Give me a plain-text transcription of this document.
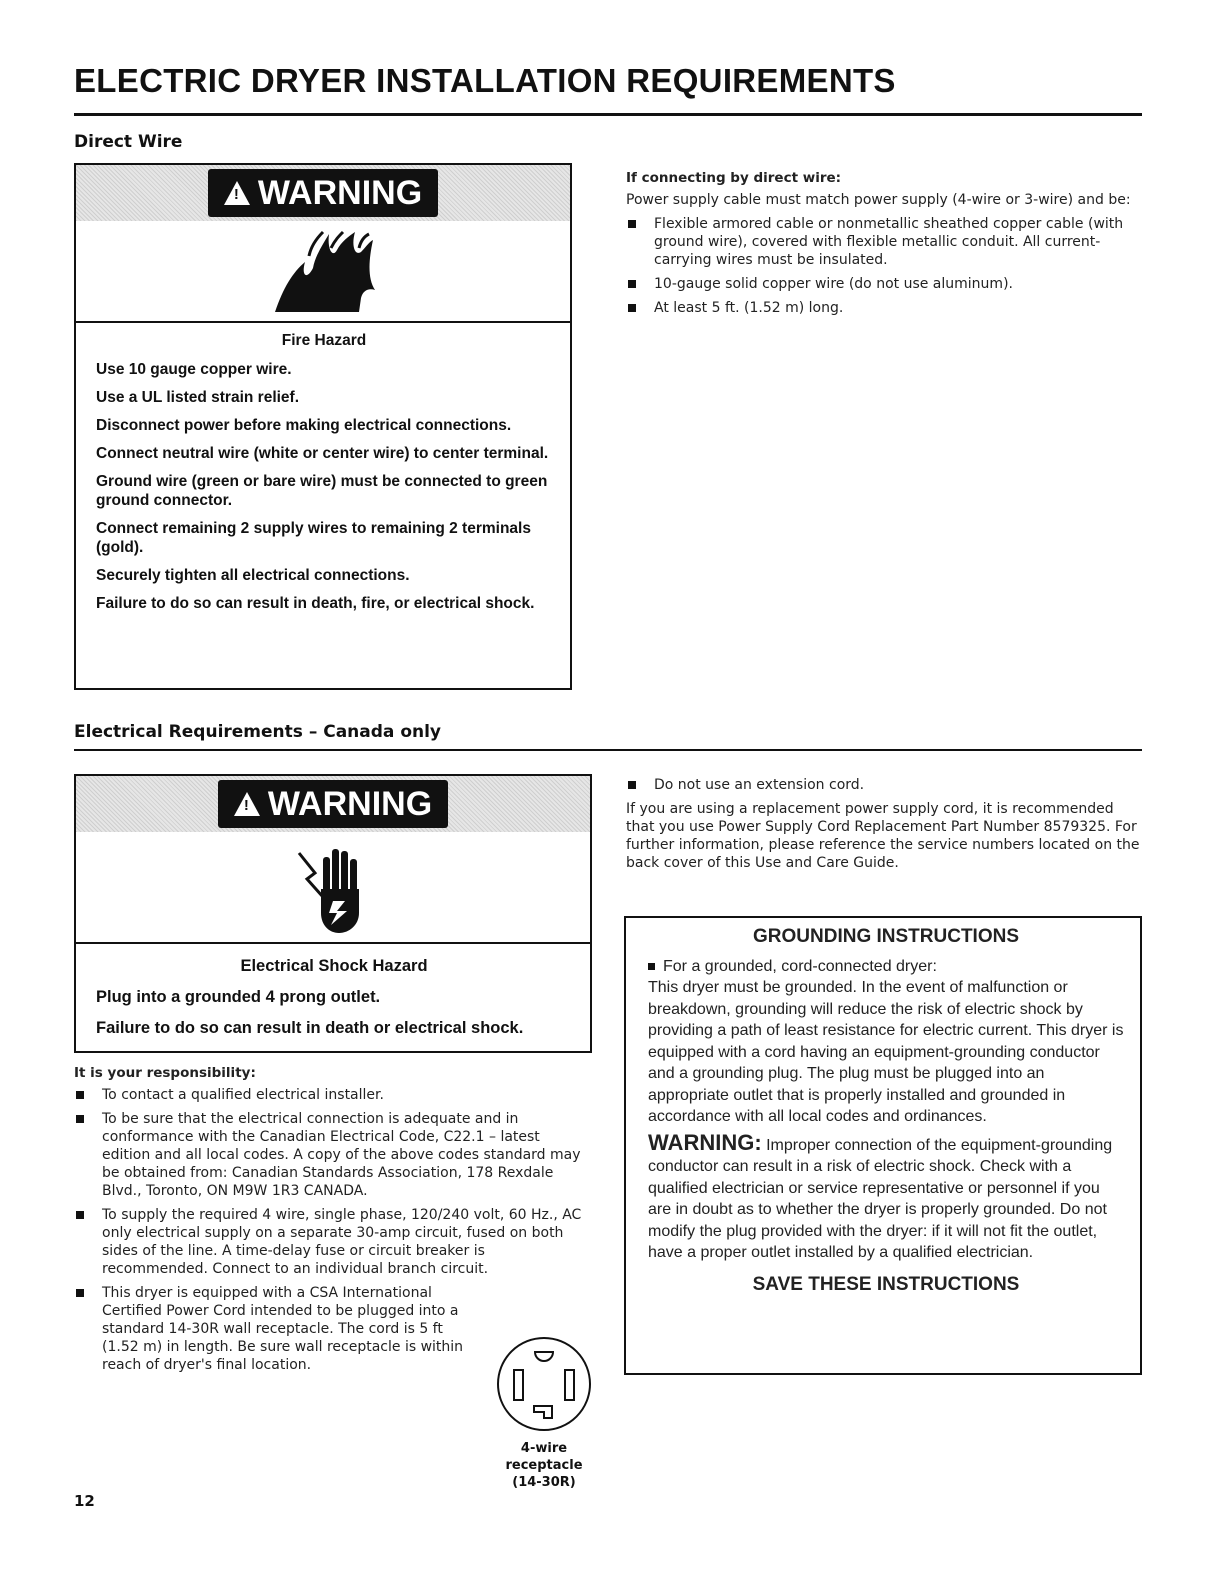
ELECTRIC DRYER INSTALLATION REQUIREMENTS
Direct Wire
! WARNING
Fire Hazard

Use 10 gauge copper wire.

Use a UL listed strain relief.

Disconnect power before making electrical connections.

Connect neutral wire (white or center wire) to center terminal.

Ground wire (green or bare wire) must be connected to green ground connector.

Connect remaining 2 supply wires to remaining 2 terminals (gold).

Securely tighten all electrical connections.

Failure to do so can result in death, fire, or electrical shock.

If connecting by direct wire:

Power supply cable must match power supply (4-wire or 3-wire) and be:

Flexible armored cable or nonmetallic sheathed copper cable (with ground wire), covered with flexible metallic conduit. All current-carrying wires must be insulated.
10-gauge solid copper wire (do not use aluminum).
At least 5 ft. (1.52 m) long.
Electrical Requirements – Canada only
! WARNING
Electrical Shock Hazard

Plug into a grounded 4 prong outlet.

Failure to do so can result in death or electrical shock.

It is your responsibility:
To contact a qualified electrical installer.
To be sure that the electrical connection is adequate and in conformance with the Canadian Electrical Code, C22.1 – latest edition and all local codes. A copy of the above codes standard may be obtained from: Canadian Standards Association, 178 Rexdale Blvd., Toronto, ON M9W 1R3 CANADA.
To supply the required 4 wire, single phase, 120/240 volt, 60 Hz., AC only electrical supply on a separate 30-amp circuit, fused on both sides of the line. A time-delay fuse or circuit breaker is recommended. Connect to an individual branch circuit.
This dryer is equipped with a CSA International Certified Power Cord intended to be plugged into a standard 14-30R wall receptacle. The cord is 5 ft (1.52 m) in length. Be sure wall receptacle is within reach of dryer's final location.
4-wire
receptacle
(14-30R)
Do not use an extension cord.

If you are using a replacement power supply cord, it is recommended that you use Power Supply Cord Replacement Part Number 8579325. For further information, please reference the service numbers located on the back cover of this Use and Care Guide.

GROUNDING INSTRUCTIONS
For a grounded, cord-connected dryer:
This dryer must be grounded. In the event of malfunction or breakdown, grounding will reduce the risk of electric shock by providing a path of least resistance for electric current. This dryer is equipped with a cord having an equipment-grounding conductor and a grounding plug. The plug must be plugged into an appropriate outlet that is properly installed and grounded in accordance with all local codes and ordinances.
WARNING: Improper connection of the equipment-grounding conductor can result in a risk of electric shock. Check with a qualified electrician or service representative or personnel if you are in doubt as to whether the dryer is properly grounded. Do not modify the plug provided with the dryer: if it will not fit the outlet, have a proper outlet installed by a qualified electrician.
SAVE THESE INSTRUCTIONS
12
